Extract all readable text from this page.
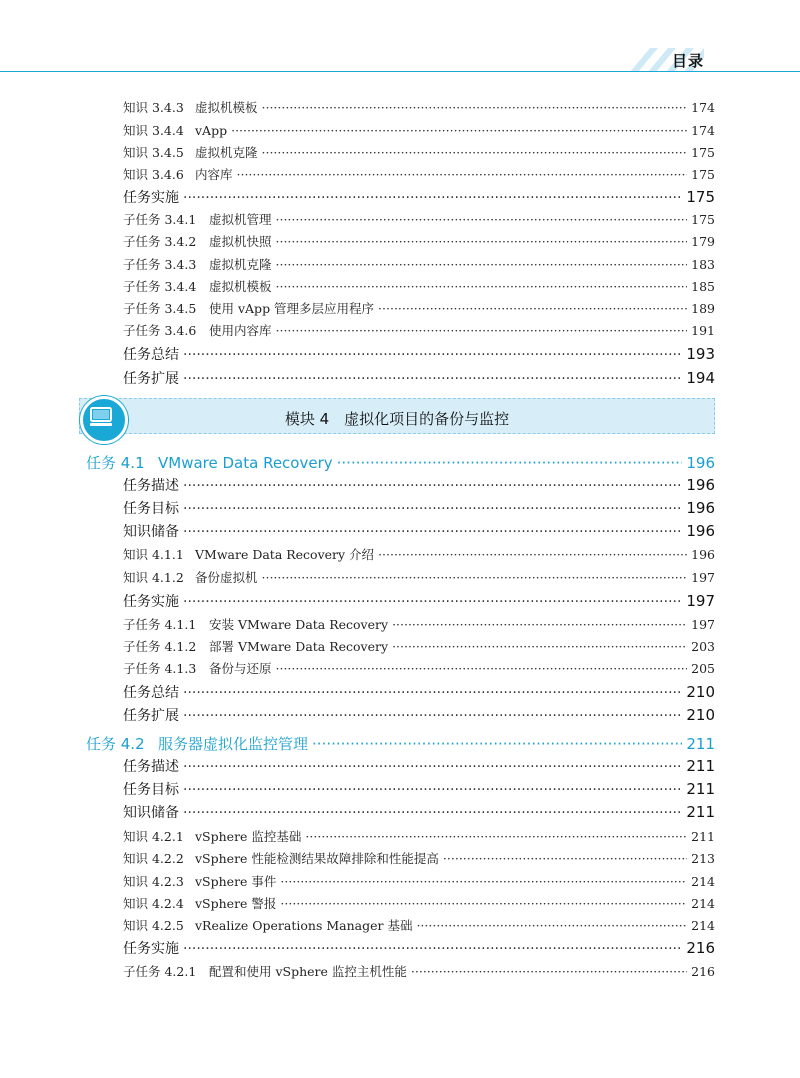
目录
模块 4　虚拟化项目的备份与监控
知识 3.4.3 虚拟机模板 ·····	174
知识 3.4.4 vApp ·····	174
知识 3.4.5 虚拟机克隆 ·····	175
知识 3.4.6 内容库 ·····	175
任务实施 ·····	175
子任务 3.4.1	虚拟机管理 ·····	175
子任务 3.4.2	虚拟机快照 ·····	179
子任务 3.4.3	虚拟机克隆 ·····	183
子任务 3.4.4	虚拟机模板 ·····	185
子任务 3.4.5	使用 vApp 管理多层应用程序 ·····	189
子任务 3.4.6	使用内容库 ·····	191
任务总结 ·····	193
任务扩展 ·····	194
任务 4.1 VMware Data Recovery ·····	196
任务描述 ·····	196
任务目标 ·····	196
知识储备 ·····	196
知识 4.1.1 VMware Data Recovery 介绍 ·····	196
知识 4.1.2 备份虚拟机 ·····	197
任务实施 ·····	197
子任务 4.1.1	安装 VMware Data Recovery ·····	197
子任务 4.1.2	部署 VMware Data Recovery ·····	203
子任务 4.1.3	备份与还原 ·····	205
任务总结 ·····	210
任务扩展 ·····	210
任务 4.2 服务器虚拟化监控管理 ·····	211
任务描述 ·····	211
任务目标 ·····	211
知识储备 ·····	211
知识 4.2.1 vSphere 监控基础 ·····	211
知识 4.2.2 vSphere 性能检测结果故障排除和性能提高 ·····	213
知识 4.2.3 vSphere 事件 ·····	214
知识 4.2.4 vSphere 警报 ·····	214
知识 4.2.5 vRealize Operations Manager 基础 ·····	214
任务实施 ·····	216
子任务 4.2.1	配置和使用 vSphere 监控主机性能 ·····	216
